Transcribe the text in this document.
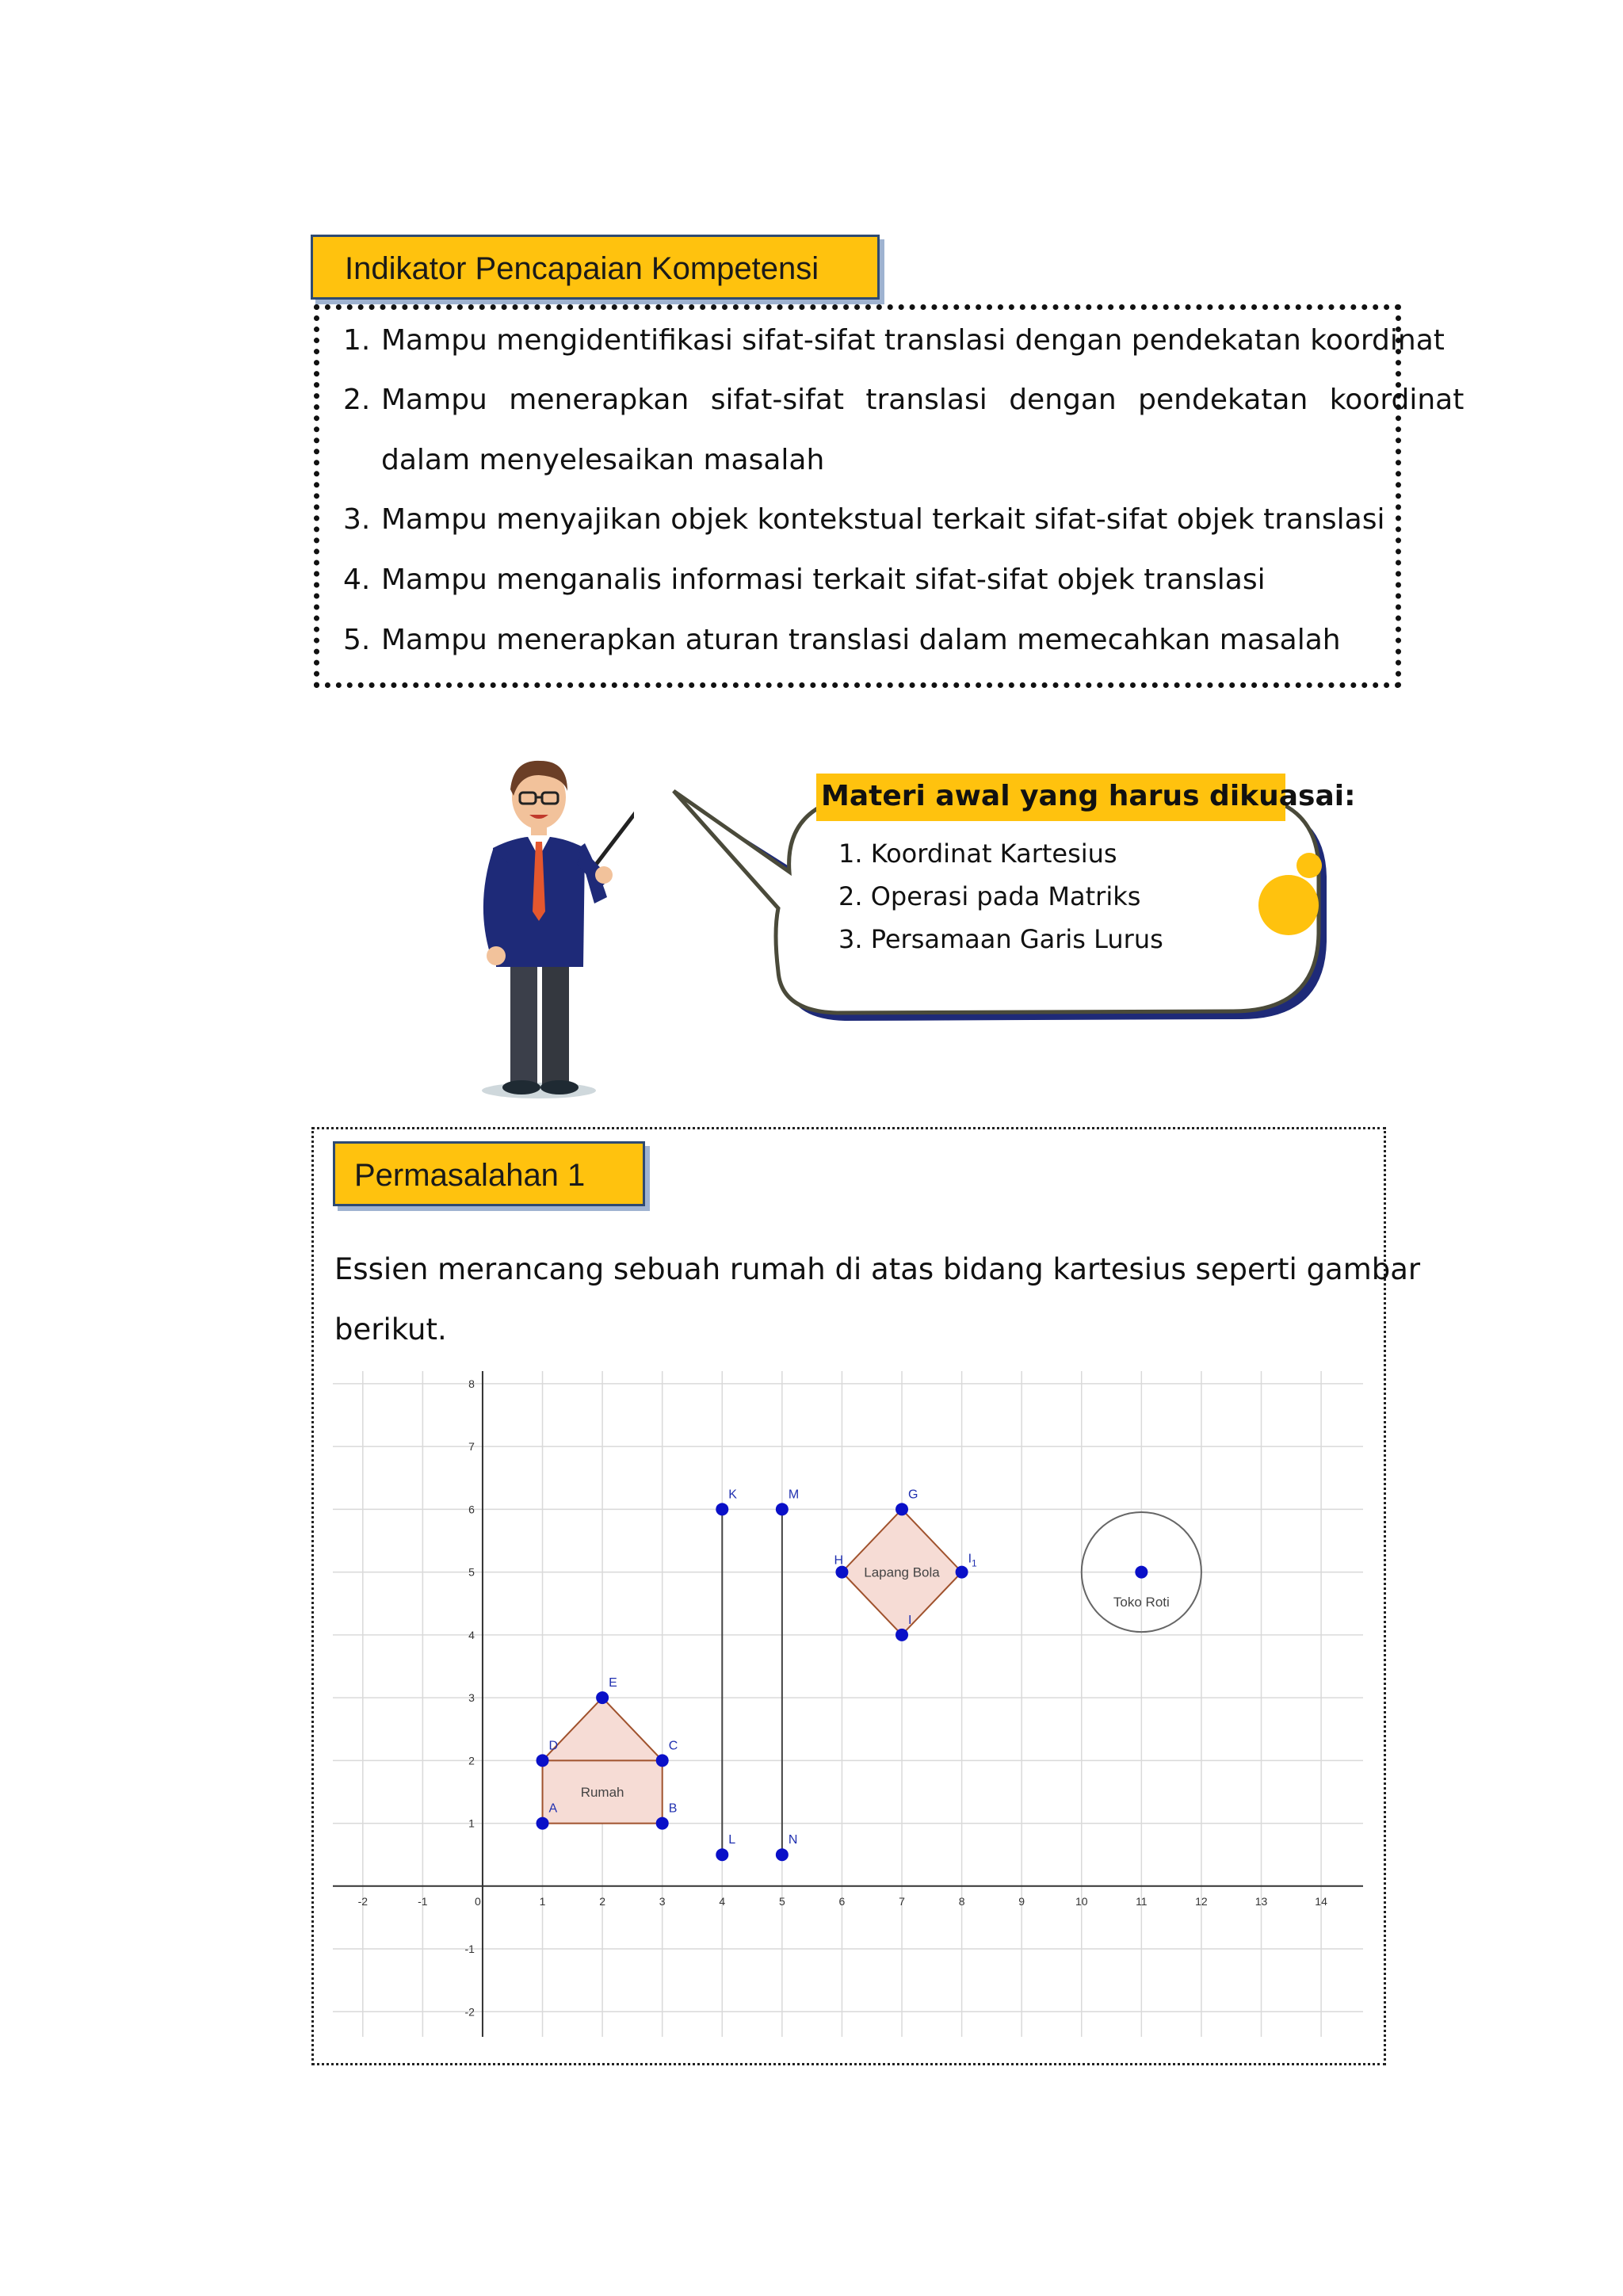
Indikator Pencapaian Kompetensi
1. Mampu mengidentifikasi sifat-sifat translasi dengan pendekatan koordinat
2. Mampu menerapkan sifat-sifat translasi dengan pendekatan koordinat
dalam menyelesaikan masalah
3. Mampu menyajikan objek kontekstual terkait sifat-sifat objek translasi
4. Mampu menganalis informasi terkait sifat-sifat objek translasi
5. Mampu menerapkan aturan translasi dalam memecahkan masalah
Materi awal yang harus dikuasai:
1. Koordinat Kartesius
2. Operasi pada Matriks
3. Persamaan Garis Lurus
Permasalahan 1
Essien merancang sebuah rumah di atas bidang kartesius seperti gambar
berikut.
-2	-1	0	1	2	3	4	5	6	7	8	9	10	11	12	13	14
-2
-1
1
2
3
4
5
6
7
8
Rumah
Lapang Bola
Toko Roti
A	B
C
D
E
K
L
M
N
G
H
I
$I_1$
